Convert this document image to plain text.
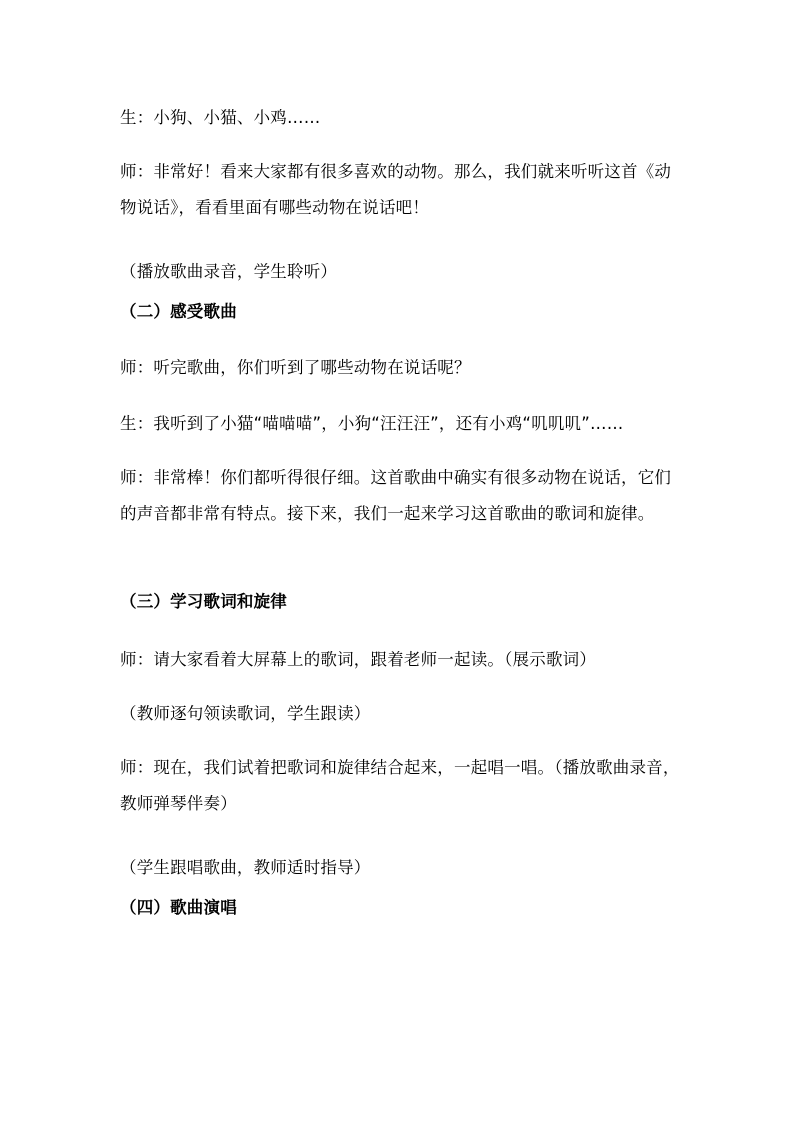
生：小狗、小猫、小鸡……
师：非常好！看来大家都有很多喜欢的动物。那么，我们就来听听这首《动物说话》，看看里面有哪些动物在说话吧！
（播放歌曲录音，学生聆听）
（二）感受歌曲
师：听完歌曲，你们听到了哪些动物在说话呢？
生：我听到了小猫“喵喵喵”，小狗“汪汪汪”，还有小鸡“叽叽叽”……
师：非常棒！你们都听得很仔细。这首歌曲中确实有很多动物在说话，它们的声音都非常有特点。接下来，我们一起来学习这首歌曲的歌词和旋律。
（三）学习歌词和旋律
师：请大家看着大屏幕上的歌词，跟着老师一起读。（展示歌词）
（教师逐句领读歌词，学生跟读）
师：现在，我们试着把歌词和旋律结合起来，一起唱一唱。（播放歌曲录音，教师弹琴伴奏）
（学生跟唱歌曲，教师适时指导）
（四）歌曲演唱
